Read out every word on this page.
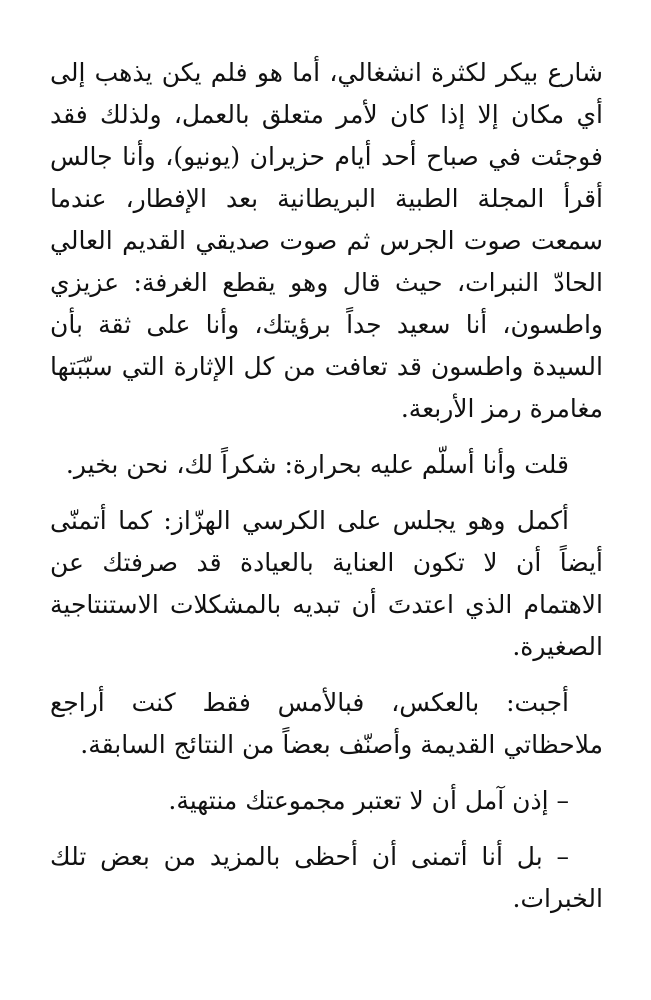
شارع بيكر لكثرة انشغالي، أما هو فلم يكن يذهب إلى أي مكان إلا إذا كان لأمر متعلق بالعمل، ولذلك فقد فوجئت في صباح أحد أيام حزيران (يونيو)، وأنا جالس أقرأ المجلة الطبية البريطانية بعد الإفطار، عندما سمعت صوت الجرس ثم صوت صديقي القديم العالي الحادّ النبرات، حيث قال وهو يقطع الغرفة: عزيزي واطسون، أنا سعيد جداً برؤيتك، وأنا على ثقة بأن السيدة واطسون قد تعافت من كل الإثارة التي سبّبَتها مغامرة رمز الأربعة.

قلت وأنا أسلّم عليه بحرارة: شكراً لك، نحن بخير.

أكمل وهو يجلس على الكرسي الهزّاز: كما أتمنّى أيضاً أن لا تكون العناية بالعيادة قد صرفتك عن الاهتمام الذي اعتدتَ أن تبديه بالمشكلات الاستنتاجية الصغيرة.

أجبت: بالعكس، فبالأمس فقط كنت أراجع ملاحظاتي القديمة وأصنّف بعضاً من النتائج السابقة.

– إذن آمل أن لا تعتبر مجموعتك منتهية.

– بل أنا أتمنى أن أحظى بالمزيد من بعض تلك الخبرات.
